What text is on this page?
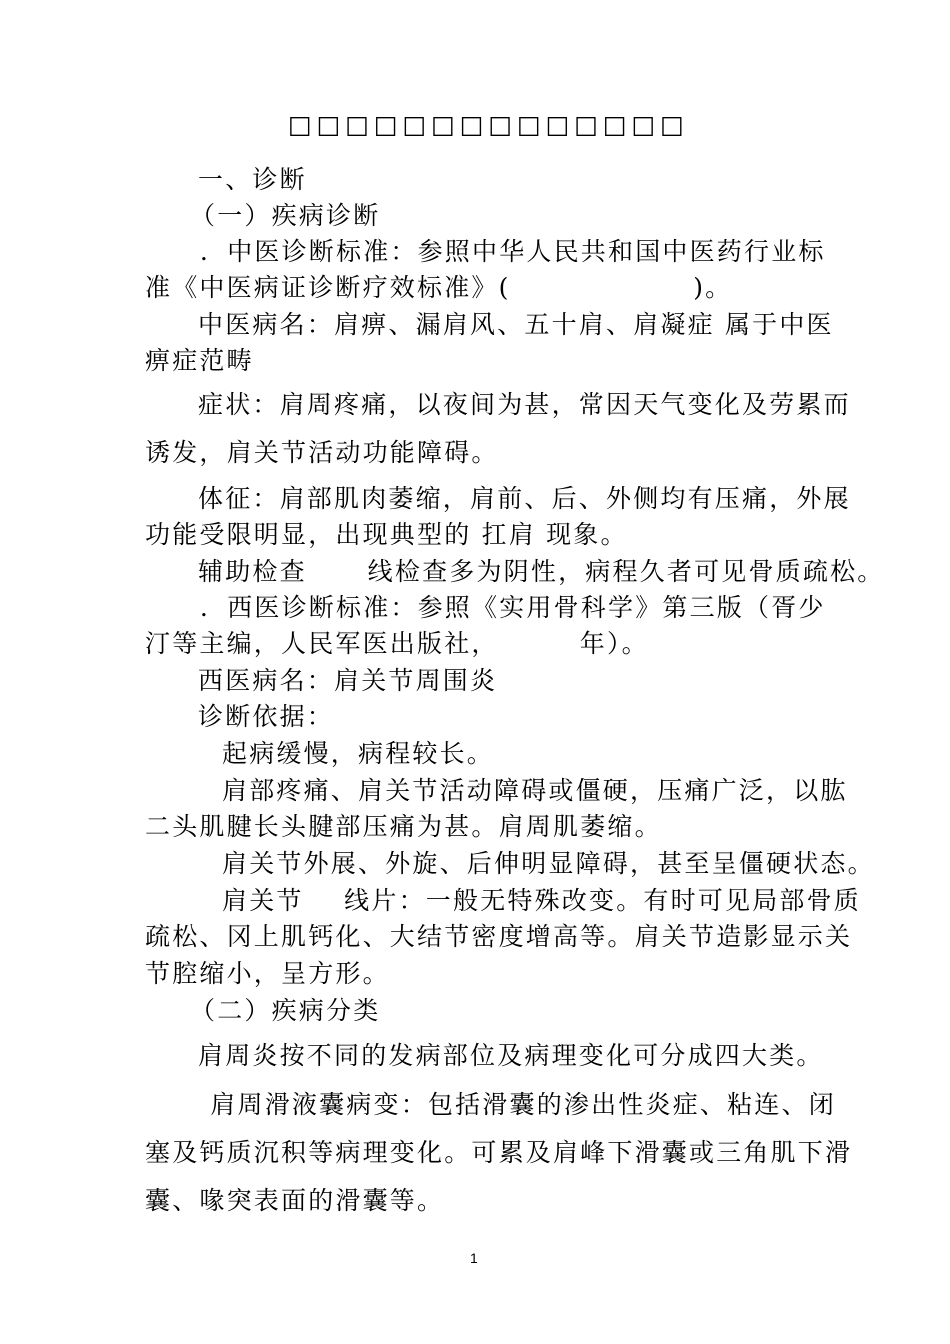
□□□□□□□□□□□□□□
一、诊断
（一）疾病诊断
．中医诊断标准：参照中华人民共和国中医药行业标
准《中医病证诊断疗效标准》(                  )。
中医病名：肩痹、漏肩风、五十肩、肩凝症 属于中医
痹症范畴
症状：肩周疼痛，以夜间为甚，常因天气变化及劳累而
诱发，肩关节活动功能障碍。
体征：肩部肌肉萎缩，肩前、后、外侧均有压痛，外展
功能受限明显，出现典型的 扛肩 现象。
辅助检查      线检查多为阴性，病程久者可见骨质疏松。
．西医诊断标准：参照《实用骨科学》第三版（胥少
汀等主编，人民军医出版社，        年）。
西医病名：肩关节周围炎
诊断依据：
起病缓慢，病程较长。
肩部疼痛、肩关节活动障碍或僵硬，压痛广泛，以肱
二头肌腱长头腱部压痛为甚。肩周肌萎缩。
肩关节外展、外旋、后伸明显障碍，甚至呈僵硬状态。
肩关节    线片：一般无特殊改变。有时可见局部骨质
疏松、冈上肌钙化、大结节密度增高等。肩关节造影显示关
节腔缩小，呈方形。
（二）疾病分类
肩周炎按不同的发病部位及病理变化可分成四大类。
肩周滑液囊病变：包括滑囊的渗出性炎症、粘连、闭
塞及钙质沉积等病理变化。可累及肩峰下滑囊或三角肌下滑
囊、喙突表面的滑囊等。
1
